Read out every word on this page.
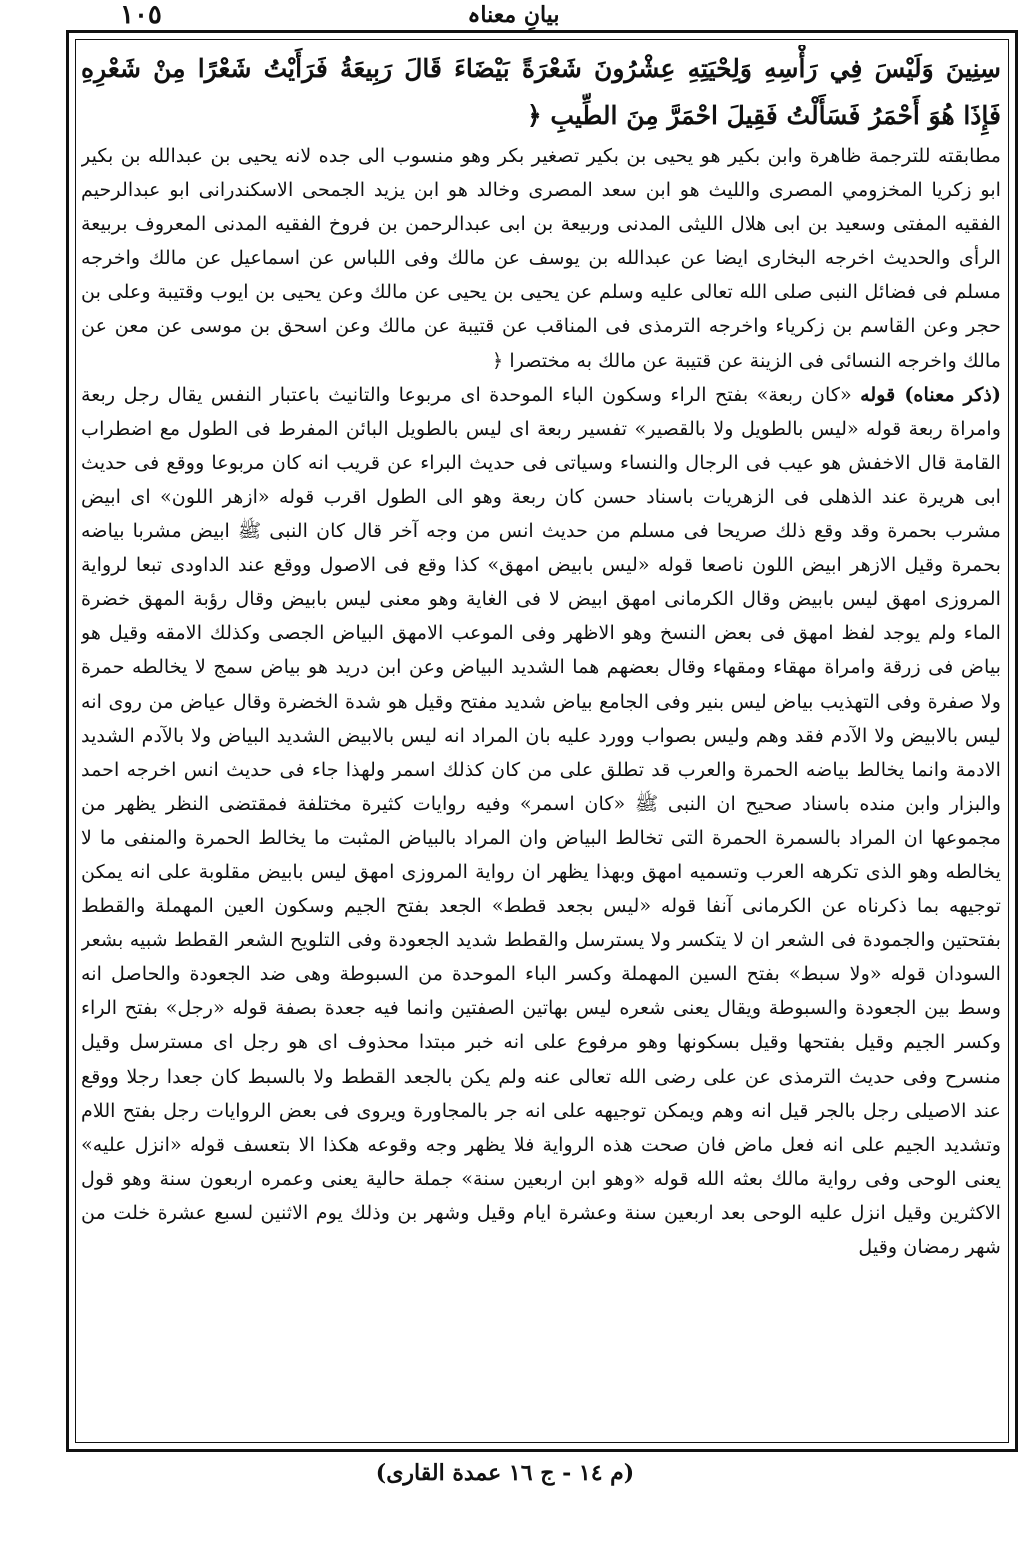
١٠٥	بيانِ معناہ

سِنِينَ وَلَيْسَ فِي رَأْسِهِ وَلِحْيَتِهِ عِشْرُونَ شَعْرَةً بَيْضَاءَ قَالَ رَبِيعَةُ فَرَأَيْتُ شَعْرًا مِنْ شَعْرِهِ فَإِذَا هُوَ أَحْمَرُ فَسَأَلْتُ فَقِيلَ احْمَرَّ مِنَ الطِّيبِ ﴿

مطابقته للترجمة ظاهرة وابن بكير هو يحيى بن بكير تصغير بكر وهو منسوب الى جده لانه يحيى بن عبدالله بن بكير ابو زكريا المخزومي المصرى والليث هو ابن سعد المصرى وخالد هو ابن يزيد الجمحى الاسكندرانى ابو عبدالرحيم الفقيه المفتى وسعيد بن ابى هلال الليثى المدنى وربيعة بن ابى عبدالرحمن بن فروخ الفقيه المدنى المعروف بربيعة الرأى والحديث اخرجه البخارى ايضا عن عبدالله بن يوسف عن مالك وفى اللباس عن اسماعيل عن مالك واخرجه مسلم فى فضائل النبى صلى الله تعالى عليه وسلم عن يحيى بن يحيى عن مالك وعن يحيى بن ايوب وقتيبة وعلى بن حجر وعن القاسم بن زكرياء واخرجه الترمذى فى المناقب عن قتيبة عن مالك وعن اسحق بن موسى عن معن عن مالك واخرجه النسائى فى الزينة عن قتيبة عن مالك به مختصرا ﴿

(ذكر معناه) قوله «كان ربعة» بفتح الراء وسكون الباء الموحدة اى مربوعا والتانيث باعتبار النفس يقال رجل ربعة وامراة ربعة قوله «ليس بالطويل ولا بالقصير» تفسير ربعة اى ليس بالطويل البائن المفرط فى الطول مع اضطراب القامة قال الاخفش هو عيب فى الرجال والنساء وسياتى فى حديث البراء عن قريب انه كان مربوعا ووقع فى حديث ابى هريرة عند الذهلى فى الزهريات باسناد حسن كان ربعة وهو الى الطول اقرب قوله «ازهر اللون» اى ابيض مشرب بحمرة وقد وقع ذلك صريحا فى مسلم من حديث انس من وجه آخر قال كان النبى ﷺ ابيض مشربا بياضه بحمرة وقيل الازهر ابيض اللون ناصعا قوله «ليس بابيض امهق» كذا وقع فى الاصول ووقع عند الداودى تبعا لرواية المروزى امهق ليس بابيض وقال الكرمانى امهق ابيض لا فى الغاية وهو معنى ليس بابيض وقال رؤبة المهق خضرة الماء ولم يوجد لفظ امهق فى بعض النسخ وهو الاظهر وفى الموعب الامهق البياض الجصى وكذلك الامقه وقيل هو بياض فى زرقة وامراة مهقاء ومقهاء وقال بعضهم هما الشديد البياض وعن ابن دريد هو بياض سمج لا يخالطه حمرة ولا صفرة وفى التهذيب بياض ليس بنير وفى الجامع بياض شديد مفتح وقيل هو شدة الخضرة وقال عياض من روى انه ليس بالابيض ولا الآدم فقد وهم وليس بصواب وورد عليه بان المراد انه ليس بالابيض الشديد البياض ولا بالآدم الشديد الادمة وانما يخالط بياضه الحمرة والعرب قد تطلق على من كان كذلك اسمر ولهذا جاء فى حديث انس اخرجه احمد والبزار وابن منده باسناد صحيح ان النبى ﷺ «كان اسمر» وفيه روايات كثيرة مختلفة فمقتضى النظر يظهر من مجموعها ان المراد بالسمرة الحمرة التى تخالط البياض وان المراد بالبياض المثبت ما يخالط الحمرة والمنفى ما لا يخالطه وهو الذى تكرهه العرب وتسميه امهق وبهذا يظهر ان رواية المروزى امهق ليس بابيض مقلوبة على انه يمكن توجيهه بما ذكرناه عن الكرمانى آنفا قوله «ليس بجعد قطط» الجعد بفتح الجيم وسكون العين المهملة والقطط بفتحتين والجمودة فى الشعر ان لا يتكسر ولا يسترسل والقطط شديد الجعودة وفى التلويح الشعر القطط شبيه بشعر السودان قوله «ولا سبط» بفتح السين المهملة وكسر الباء الموحدة من السبوطة وهى ضد الجعودة والحاصل انه وسط بين الجعودة والسبوطة ويقال يعنى شعره ليس بهاتين الصفتين وانما فيه جعدة بصفة قوله «رجل» بفتح الراء وكسر الجيم وقيل بفتحها وقيل بسكونها وهو مرفوع على انه خبر مبتدا محذوف اى هو رجل اى مسترسل وقيل منسرح وفى حديث الترمذى عن على رضى الله تعالى عنه ولم يكن بالجعد القطط ولا بالسبط كان جعدا رجلا ووقع عند الاصيلى رجل بالجر قيل انه وهم ويمكن توجيهه على انه جر بالمجاورة ويروى فى بعض الروايات رجل بفتح اللام وتشديد الجيم على انه فعل ماض فان صحت هذه الرواية فلا يظهر وجه وقوعه هكذا الا بتعسف قوله «انزل عليه» يعنى الوحى وفى رواية مالك بعثه الله قوله «وهو ابن اربعين سنة» جملة حالية يعنى وعمره اربعون سنة وهو قول الاكثرين وقيل انزل عليه الوحى بعد اربعين سنة وعشرة ايام وقيل وشهر بن وذلك يوم الاثنين لسبع عشرة خلت من شهر رمضان وقيل

(م ١٤ - ج ١٦ عمدة القارى)
